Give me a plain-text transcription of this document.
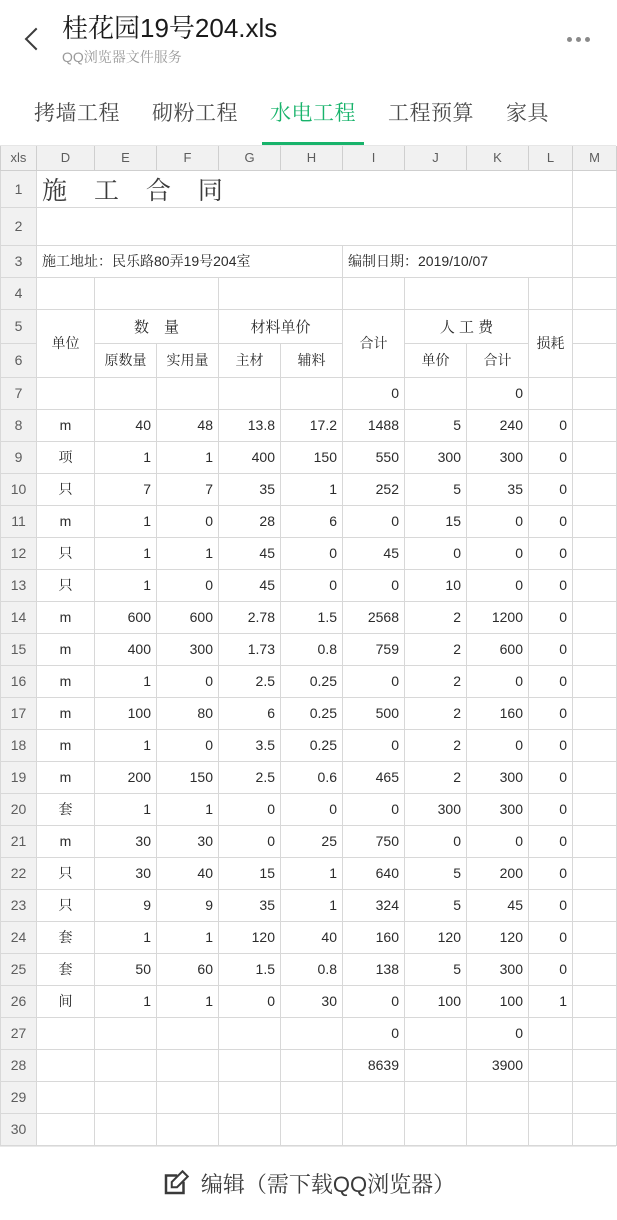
桂花园19号204.xls
QQ浏览器文件服务
拷墙工程	砌粉工程	水电工程	工程预算	家具
xls	D	E	F	G	H	I	J	K	L	M
1	施 工 合 同									
2										
3	施工地址：民乐路80弄19号204室					编制日期：2019/10/07				
4										
5	单位	数　量		材料单价		合计	人 工 费		损耗	
6		原数量	实用量	主材	辅料		单价	合计		
7						0		0		
8	m	40	48	13.8	17.2	1488	5	240	0	
9	项	1	1	400	150	550	300	300	0	
10	只	7	7	35	1	252	5	35	0	
11	m	1	0	28	6	0	15	0	0	
12	只	1	1	45	0	45	0	0	0	
13	只	1	0	45	0	0	10	0	0	
14	m	600	600	2.78	1.5	2568	2	1200	0	
15	m	400	300	1.73	0.8	759	2	600	0	
16	m	1	0	2.5	0.25	0	2	0	0	
17	m	100	80	6	0.25	500	2	160	0	
18	m	1	0	3.5	0.25	0	2	0	0	
19	m	200	150	2.5	0.6	465	2	300	0	
20	套	1	1	0	0	0	300	300	0	
21	m	30	30	0	25	750	0	0	0	
22	只	30	40	15	1	640	5	200	0	
23	只	9	9	35	1	324	5	45	0	
24	套	1	1	120	40	160	120	120	0	
25	套	50	60	1.5	0.8	138	5	300	0	
26	间	1	1	0	30	0	100	100	1	
27						0		0		
28						8639		3900		
29										
30										
编辑（需下载QQ浏览器）
